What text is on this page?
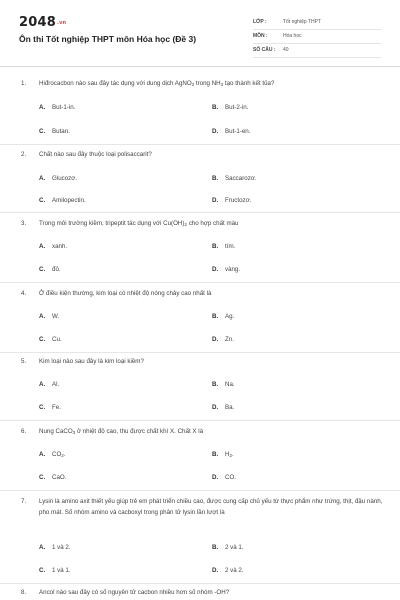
2048.vn
Ôn thi Tốt nghiệp THPT môn Hóa học (Đề 3)
LỚP :	Tốt nghiệp THPT
MÔN :	Hóa học
SỐ CÂU : 40
1. Hiđrocacbon nào sau đây tác dụng với dung dịch AgNO$_3$ trong $NH_3$ tạo thành kết tủa?
A. But-1-in.	B. But-2-in.
C. Butan.	D. But-1-en.
2. Chất nào sau đây thuộc loại polisaccarit?
A. Glucozơ.	B. Saccarozơ.
C. Amilopectin.	D. Fructozơ.
3. Trong môi trường kiềm, tripeptit tác dụng với $Cu(OH)_2$ cho hợp chất màu
A. xanh.	B. tím.
C. đỏ.	D. vàng.
4. Ở điều kiện thường, kim loại có nhiệt độ nóng chảy cao nhất là
A. W.	B. Ag.
C. Cu.	D. Zn.
5. Kim loại nào sau đây là kim loại kiềm?
A. Al.	B. Na.
C. Fe.	D. Ba.
6. Nung CaCO$_3$ ở nhiệt độ cao, thu được chất khí X. Chất X là
A. $CO_2$.	B. $H_2$.
C. CaO.	D. CO.
7. Lysin là amino axit thiết yếu giúp trẻ em phát triển chiều cao, được cung cấp chủ yếu từ thực phẩm như trứng, thịt, đậu nành, pho mát. Số nhóm amino và cacboxyl trong phân tử lysin lần lượt là
A. 1 và 2.	B. 2 và 1.
C. 1 và 1.	D. 2 và 2.
8. Ancol nào sau đây có số nguyên tử cacbon nhiều hơn số nhóm -OH?
